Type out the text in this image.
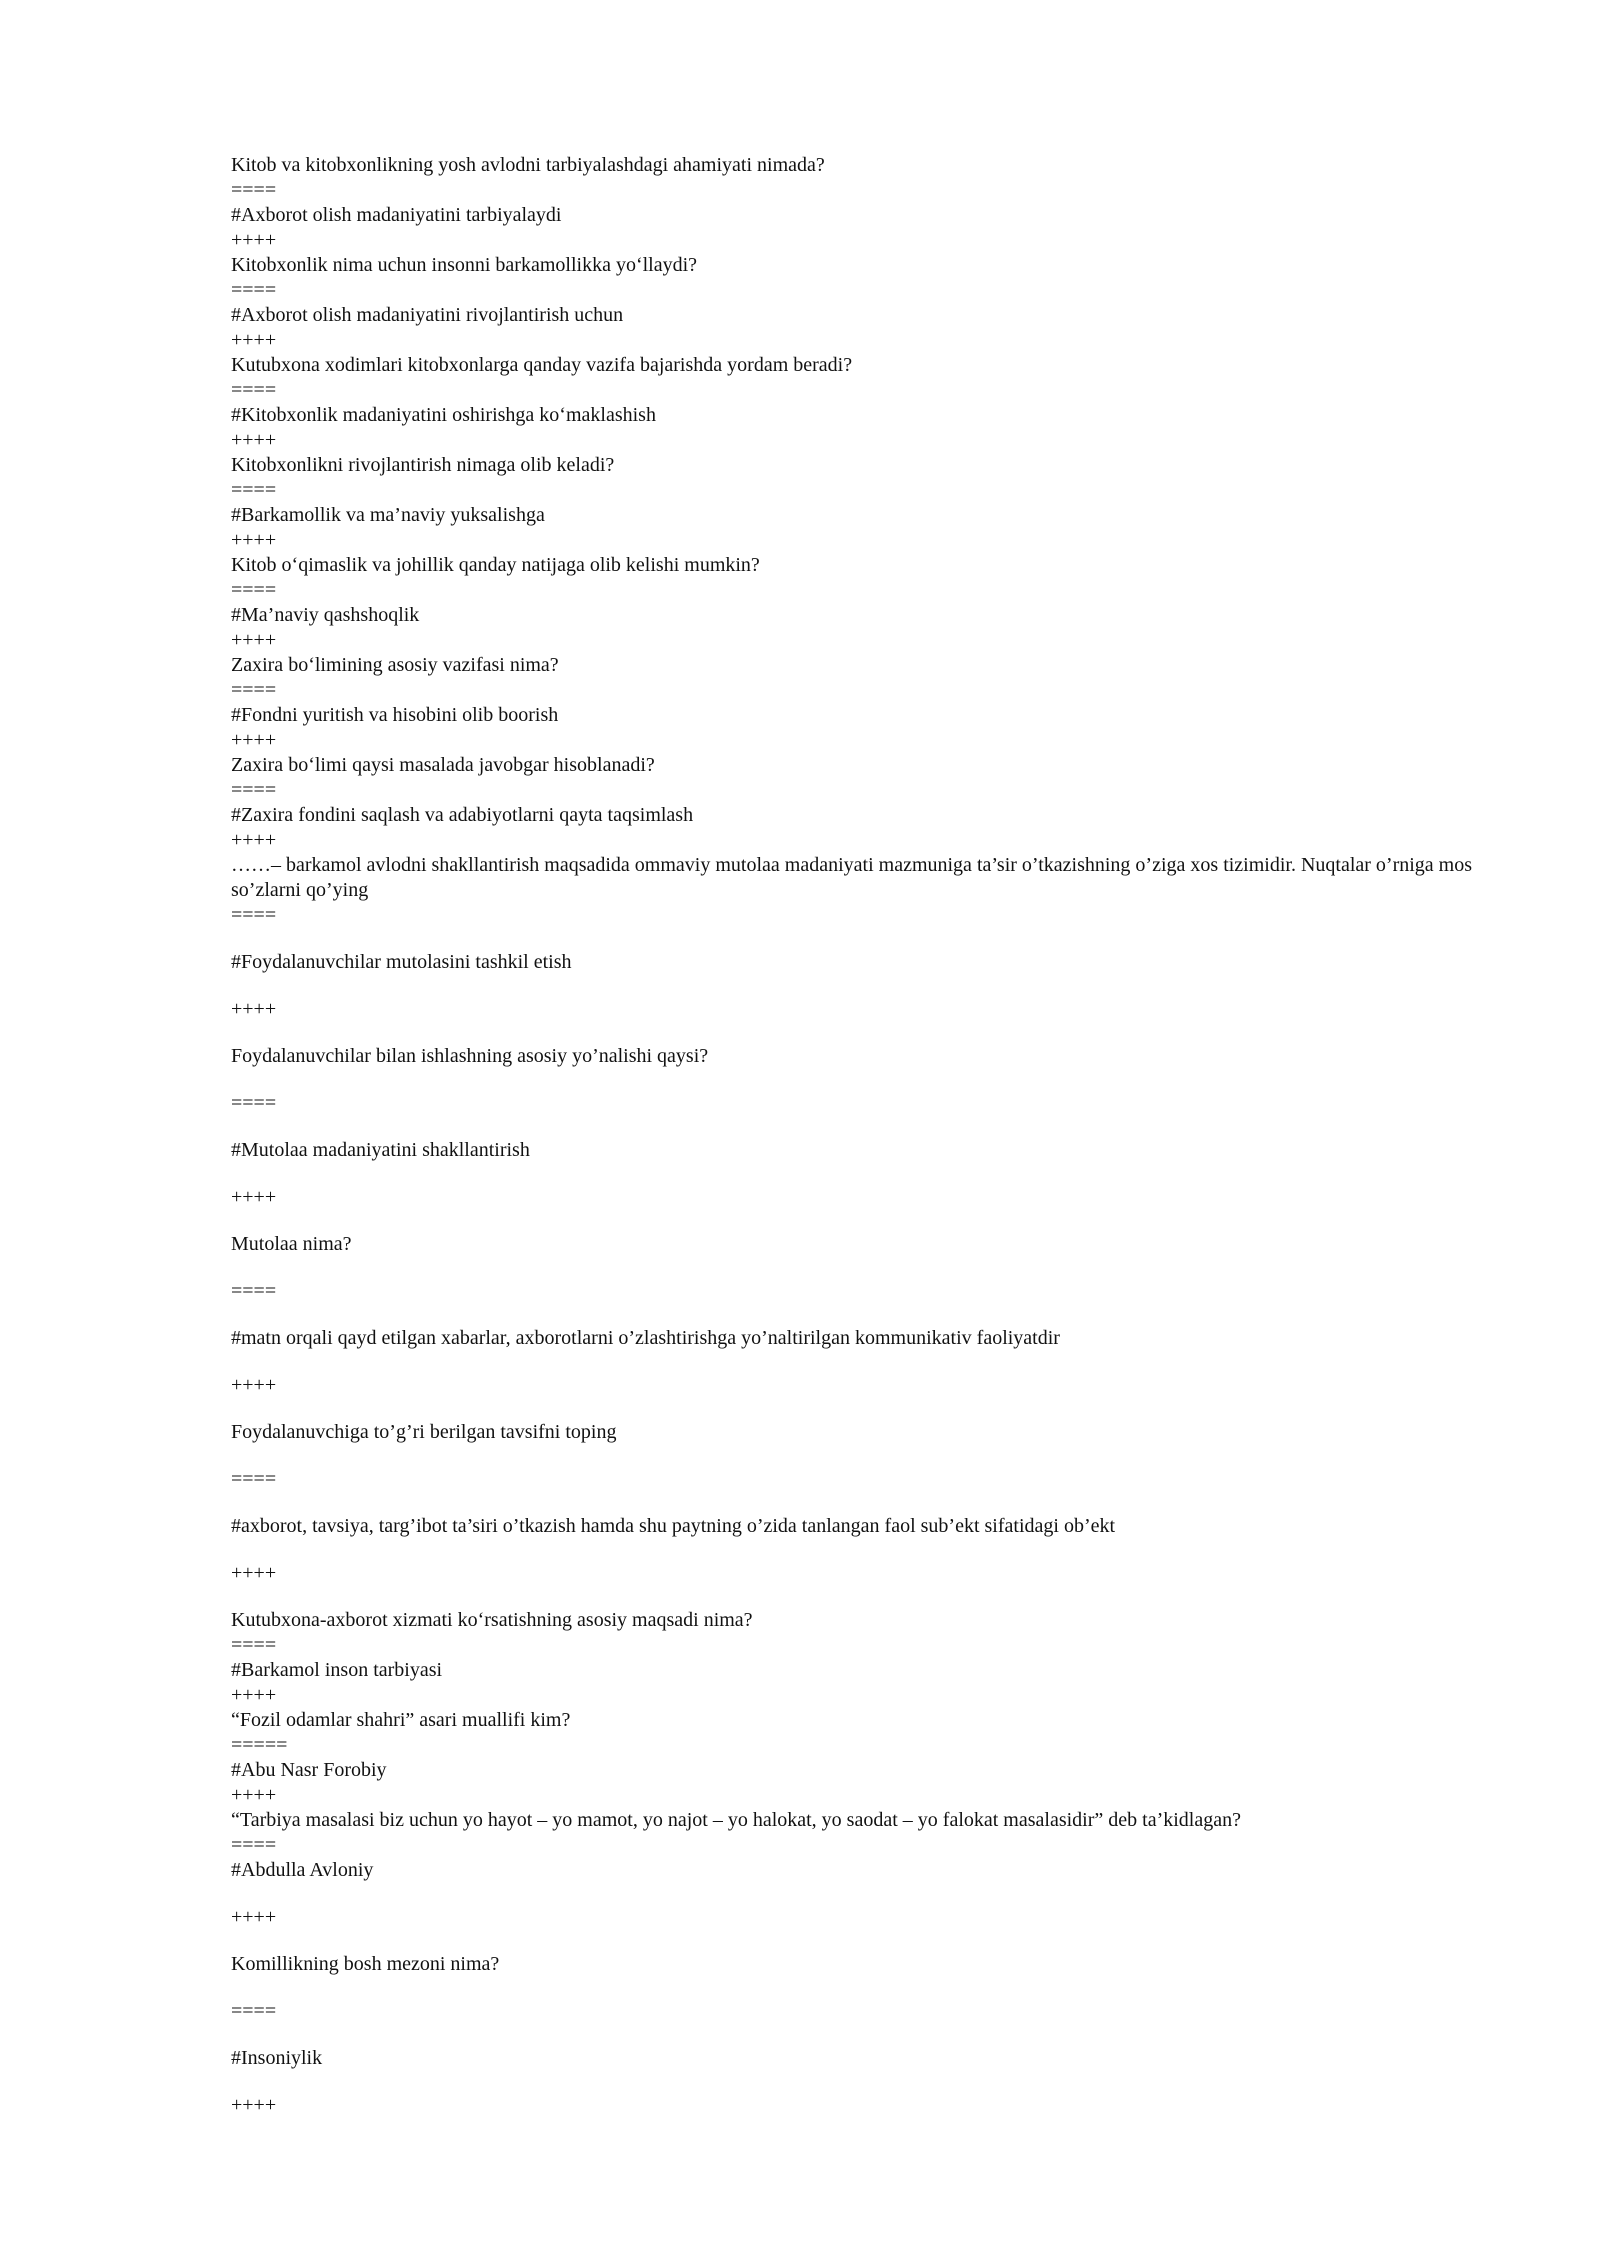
Kitob va kitobxonlikning yosh avlodni tarbiyalashdagi ahamiyati nimada?

====

#Axborot olish madaniyatini tarbiyalaydi

++++

Kitobxonlik nima uchun insonni barkamollikka yo‘llaydi?

====

#Axborot olish madaniyatini rivojlantirish uchun

++++

Kutubxona xodimlari kitobxonlarga qanday vazifa bajarishda yordam beradi?

====

#Kitobxonlik madaniyatini oshirishga ko‘maklashish

++++

Kitobxonlikni rivojlantirish nimaga olib keladi?

====

#Barkamollik va ma’naviy yuksalishga

++++

Kitob o‘qimaslik va johillik qanday natijaga olib kelishi mumkin?

====

#Ma’naviy qashshoqlik

++++

Zaxira bo‘limining asosiy vazifasi nima?

====

#Fondni yuritish va hisobini olib boorish

++++

Zaxira bo‘limi qaysi masalada javobgar hisoblanadi?

====

#Zaxira fondini saqlash va adabiyotlarni qayta taqsimlash

++++

……– barkamol avlodni shakllantirish maqsadida ommaviy mutolaa madaniyati mazmuniga ta’sir o’tkazishning o’ziga xos tizimidir. Nuqtalar o’rniga mos so’zlarni qo’ying

====

#Foydalanuvchilar mutolasini tashkil etish

++++

Foydalanuvchilar bilan ishlashning asosiy yo’nalishi qaysi?

====

#Mutolaa madaniyatini shakllantirish

++++

Mutolaa nima?

====

#matn orqali qayd etilgan xabarlar, axborotlarni o’zlashtirishga yo’naltirilgan kommunikativ faoliyatdir

++++

Foydalanuvchiga to’g’ri berilgan tavsifni toping

====

#axborot, tavsiya, targ’ibot ta’siri o’tkazish hamda shu paytning o’zida tanlangan faol sub’ekt sifatidagi ob’ekt

++++

Kutubxona-axborot xizmati ko‘rsatishning asosiy maqsadi nima?

====

#Barkamol inson tarbiyasi

++++

“Fozil odamlar shahri” asari muallifi kim?

=====

#Abu Nasr Forobiy

++++

“Tarbiya masalasi biz uchun yo hayot – yo mamot, yo najot – yo halokat, yo saodat – yo falokat masalasidir” deb ta’kidlagan?

====

#Abdulla Avloniy

++++

Komillikning bosh mezoni nima?

====

#Insoniylik

++++
